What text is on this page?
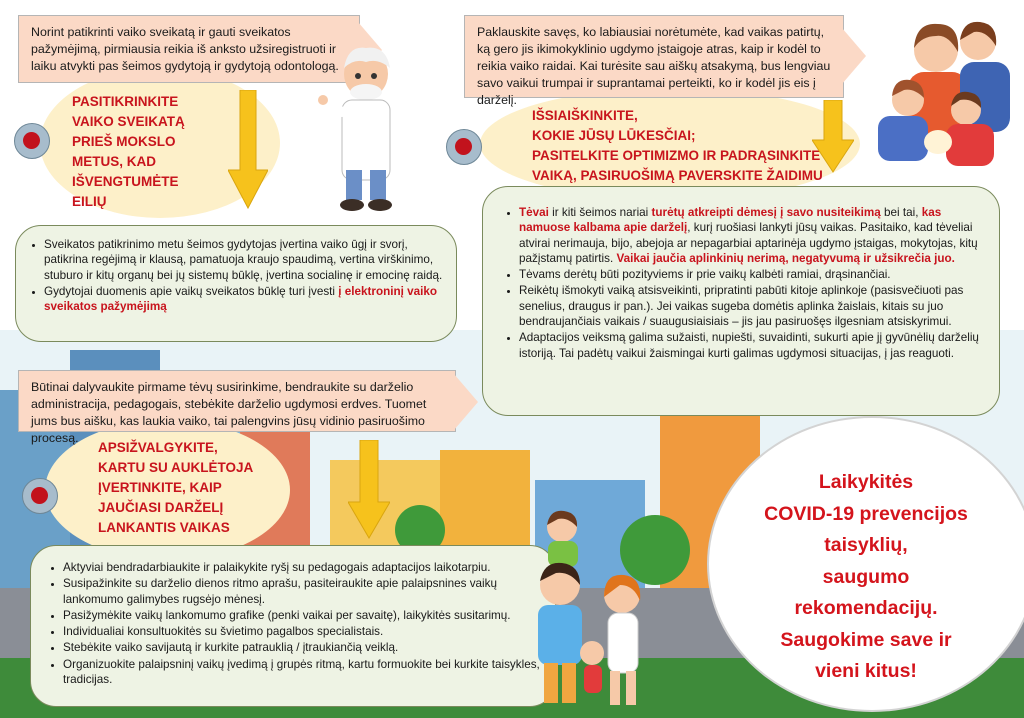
Norint patikrinti vaiko sveikatą ir gauti sveikatos pažymėjimą, pirmiausia reikia iš anksto užsiregistruoti ir laiku atvykti pas šeimos gydytoją ir gydytoją odontologą.
PASITIKRINKITE
VAIKO SVEIKATĄ
PRIEŠ MOKSLO
METUS, KAD
IŠVENGTUMĖTE
EILIŲ
• Sveikatos patikrinimo metu šeimos gydytojas įvertina vaiko ūgį ir svorį, patikrina regėjimą ir klausą, pamatuoja kraujo spaudimą, vertina virškinimo, stuburo ir kitų organų bei jų sistemų būklę, įvertina socialinę ir emocinę raidą.
• Gydytojai duomenis apie vaikų sveikatos būklę turi įvesti į elektroninį vaiko sveikatos pažymėjimą
Paklauskite savęs, ko labiausiai norėtumėte, kad vaikas patirtų, ką gero jis ikimokyklinio ugdymo įstaigoje atras, kaip ir kodėl to reikia vaiko raidai. Kai turėsite sau aiškų atsakymą, bus lengviau savo vaikui trumpai ir suprantamai perteikti, ko ir kodėl jis eis į darželį.
IŠSIAIŠKINKITE,
KOKIE JŪSŲ LŪKESČIAI;
PASITELKITE OPTIMIZMO IR PADRĄSINKITE
VAIKĄ, PASIRUOŠIMĄ PAVERSKITE ŽAIDIMU
• Tėvai ir kiti šeimos nariai turėtų atkreipti dėmesį į savo nusiteikimą bei tai, kas namuose kalbama apie darželį, kurį ruošiasi lankyti jūsų vaikas. Pasitaiko, kad tėveliai atvirai nerimauja, bijo, abejoja ar nepagarbiai aptarinėja ugdymo įstaigas, mokytojas, kitų pažįstamų patirtis. Vaikai jaučia aplinkinių nerimą, negatyvumą ir užsikrečia juo.
• Tėvams derėtų būti pozityviems ir prie vaikų kalbėti ramiai, drąsinančiai.
• Reikėtų išmokyti vaiką atsisveikinti, pripratinti pabūti kitoje aplinkoje (pasisvečiuoti pas senelius, draugus ir pan.). Jei vaikas sugeba domėtis aplinka žaislais, kitais su juo bendraujančiais vaikais / suaugusiaisiais – jis jau pasiruošęs ilgesniam atsiskyrimui.
• Adaptacijos veiksmą galima sužaisti, nupiešti, suvaidinti, sukurti apie jį gyvūnėlių darželių istoriją. Tai padėtų vaikui žaismingai kurti galimas ugdymosi situacijas, į jas reaguoti.
Būtinai dalyvaukite pirmame tėvų susirinkime, bendraukite su darželio administracija, pedagogais, stebėkite darželio ugdymosi erdves. Tuomet jums bus aišku, kas laukia vaiko, tai palengvins jūsų vidinio pasiruošimo procesą.
APSIŽVALGYKITE,
KARTU SU AUKLĖTOJA
ĮVERTINKITE, KAIP
JAUČIASI DARŽELĮ
LANKANTIS VAIKAS
• Aktyviai bendradarbiaukite ir palaikykite ryšį su pedagogais adaptacijos laikotarpiu.
• Susipažinkite su darželio dienos ritmo aprašu, pasiteiraukite apie palaipsnines vaikų lankomumo galimybes rugsėjo mėnesį.
• Pasižymėkite vaikų lankomumo grafike (penki vaikai per savaitę), laikykitės susitarimų.
• Individualiai konsultuokitės su švietimo pagalbos specialistais.
• Stebėkite vaiko savijautą ir kurkite patrauklią / įtraukiančią veiklą.
• Organizuokite palaipsninį vaikų įvedimą į grupės ritmą, kartu formuokite bei kurkite taisykles, tradicijas.
Laikykitės
COVID-19 prevencijos
taisyklių,
saugumo
rekomendacijų.
Saugokime save ir
vieni kitus!
